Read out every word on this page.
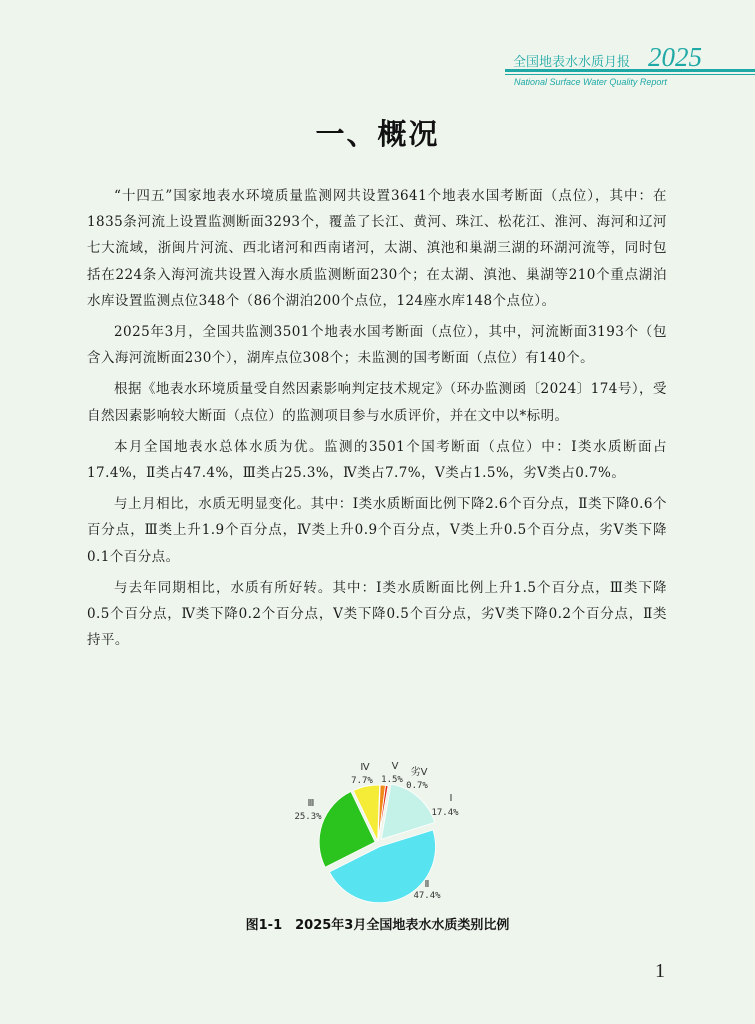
全国地表水水质月报 2025
National Surface Water Quality Report
一、概况

“十四五”国家地表水环境质量监测网共设置3641个地表水国考断面（点位），其中：在1835条河流上设置监测断面3293个，覆盖了长江、黄河、珠江、松花江、淮河、海河和辽河七大流域，浙闽片河流、西北诸河和西南诸河，太湖、滇池和巢湖三湖的环湖河流等，同时包括在224条入海河流共设置入海水质监测断面230个；在太湖、滇池、巢湖等210个重点湖泊水库设置监测点位348个（86个湖泊200个点位，124座水库148个点位）。

2025年3月，全国共监测3501个地表水国考断面（点位），其中，河流断面3193个（包含入海河流断面230个），湖库点位308个；未监测的国考断面（点位）有140个。

根据《地表水环境质量受自然因素影响判定技术规定》（环办监测函〔2024〕174号），受自然因素影响较大断面（点位）的监测项目参与水质评价，并在文中以*标明。

本月全国地表水总体水质为优。监测的3501个国考断面（点位）中：Ⅰ类水质断面占17.4%，Ⅱ类占47.4%，Ⅲ类占25.3%，Ⅳ类占7.7%，Ⅴ类占1.5%，劣Ⅴ类占0.7%。

与上月相比，水质无明显变化。其中：Ⅰ类水质断面比例下降2.6个百分点，Ⅱ类下降0.6个百分点，Ⅲ类上升1.9个百分点，Ⅳ类上升0.9个百分点，Ⅴ类上升0.5个百分点，劣Ⅴ类下降0.1个百分点。

与去年同期相比，水质有所好转。其中：Ⅰ类水质断面比例上升1.5个百分点，Ⅲ类下降0.5个百分点，Ⅳ类下降0.2个百分点，Ⅴ类下降0.5个百分点，劣Ⅴ类下降0.2个百分点，Ⅱ类持平。

Ⅰ
17.4%
Ⅱ
47.4%
Ⅲ
25.3%
Ⅳ
7.7%
Ⅴ
1.5%
劣Ⅴ
0.7%
图1-1　2025年3月全国地表水水质类别比例
1
